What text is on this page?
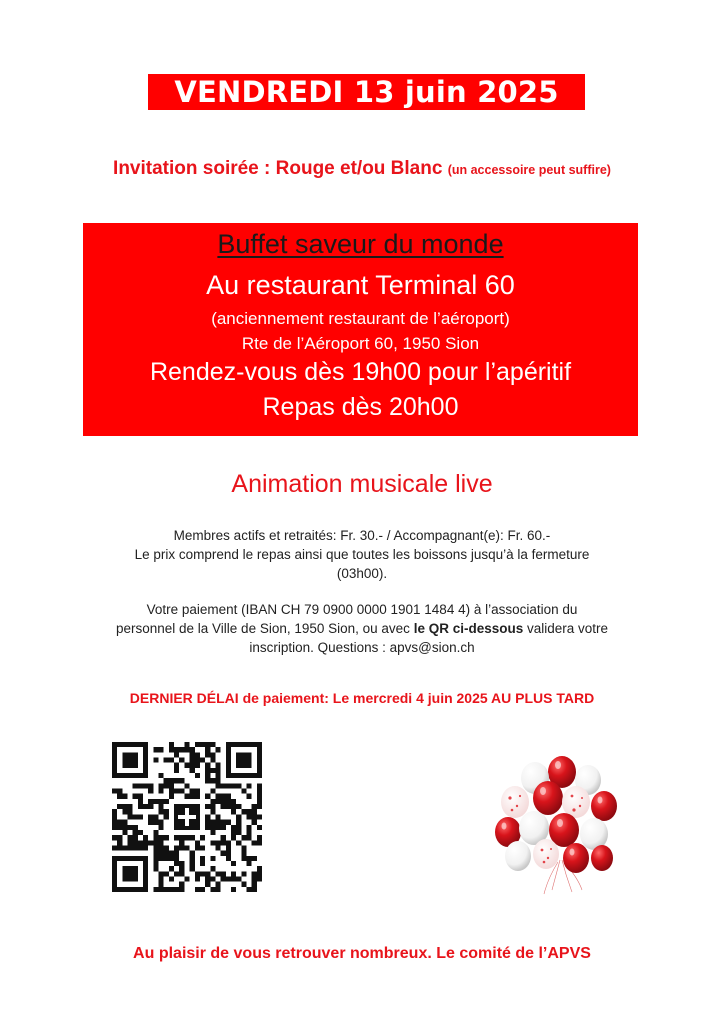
VENDREDI 13 juin 2025
Invitation soirée : Rouge et/ou Blanc (un accessoire peut suffire)
Buffet saveur du monde
Au restaurant Terminal 60
(anciennement restaurant de l’aéroport)
Rte de l’Aéroport 60, 1950 Sion
Rendez-vous dès 19h00 pour l’apéritif
Repas dès 20h00
Animation musicale live
Membres actifs et retraités: Fr. 30.- / Accompagnant(e): Fr. 60.-
Le prix comprend le repas ainsi que toutes les boissons jusqu’à la fermeture
(03h00).
Votre paiement (IBAN CH 79 0900 0000 1901 1484 4) à l’association du
personnel de la Ville de Sion, 1950 Sion, ou avec le QR ci-dessous validera votre
inscription. Questions : apvs@sion.ch
DERNIER DÉLAI de paiement: Le mercredi 4 juin 2025 AU PLUS TARD
Au plaisir de vous retrouver nombreux. Le comité de l’APVS
